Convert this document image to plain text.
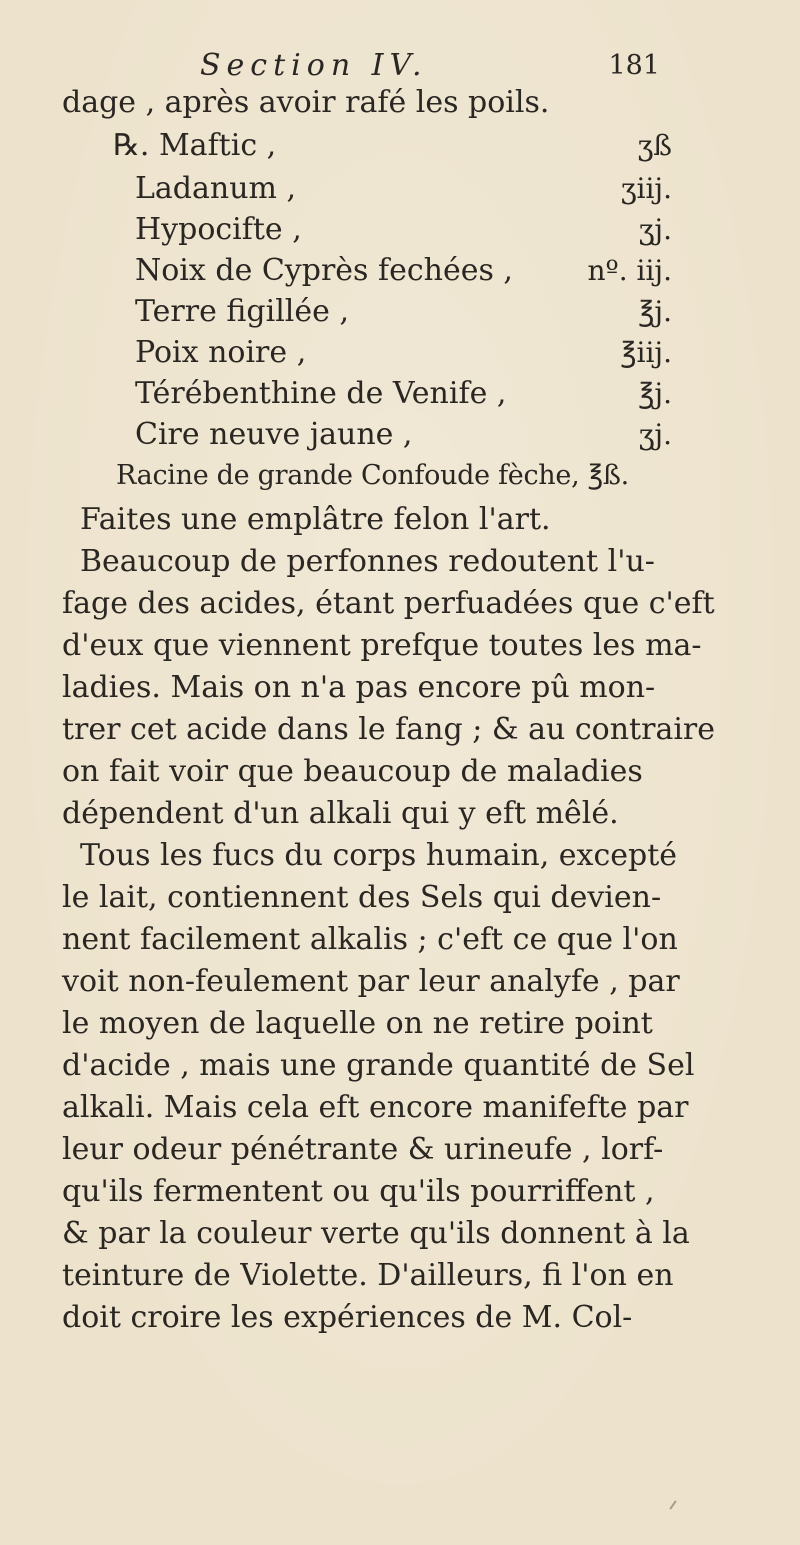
Section IV.	181
dage , après avoir rafé les poils.
℞. Maftic ,	ʒß
Ladanum ,	ʒiij.
Hypocifte ,	ʒj.
Noix de Cyprès fechées ,	nº. iij.
Terre figillée ,	℥j.
Poix noire ,	℥iij.
Térébenthine de Venife ,	℥j.
Cire neuve jaune ,	ʒj.
Racine de grande Confoude fèche, ℥ß.
Faites une emplâtre felon l'art.
Beaucoup de perfonnes redoutent l'u-
fage des acides, étant perfuadées que c'eft
d'eux que viennent prefque toutes les ma-
ladies. Mais on n'a pas encore pû mon-
trer cet acide dans le fang ; & au contraire
on fait voir que beaucoup de maladies
dépendent d'un alkali qui y eft mêlé.
Tous les fucs du corps humain, excepté
le lait, contiennent des Sels qui devien-
nent facilement alkalis ; c'eft ce que l'on
voit non-feulement par leur analyfe , par
le moyen de laquelle on ne retire point
d'acide , mais une grande quantité de Sel
alkali. Mais cela eft encore manifefte par
leur odeur pénétrante & urineufe , lorf-
qu'ils fermentent ou qu'ils pourriffent ,
& par la couleur verte qu'ils donnent à la
teinture de Violette. D'ailleurs, fi l'on en
doit croire les expériences de M. Col-
